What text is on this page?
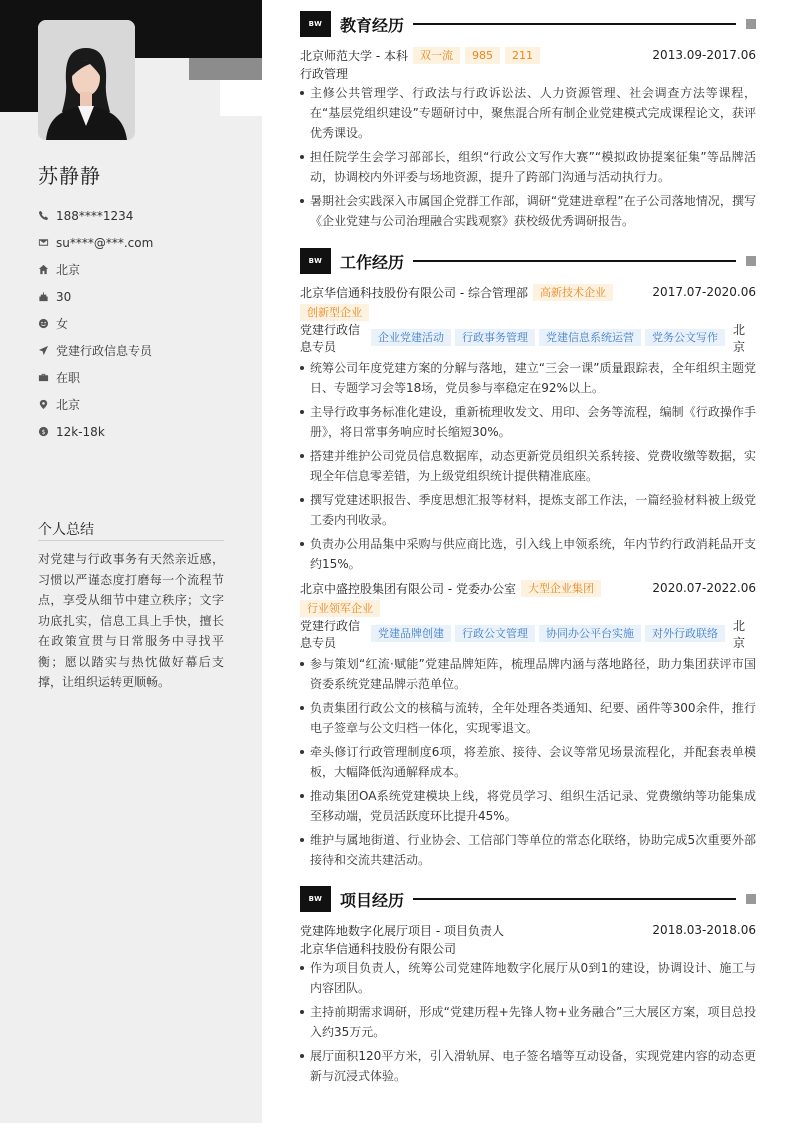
苏静静
188****1234
su****@***.com
北京
30
女
党建行政信息专员
在职
北京
$ 12k-18k
个人总结
对党建与行政事务有天然亲近感，习惯以严谨态度打磨每一个流程节点，享受从细节中建立秩序；文字功底扎实，信息工具上手快，擅长在政策宣贯与日常服务中寻找平衡；愿以踏实与热忱做好幕后支撑，让组织运转更顺畅。
BW	教育经历
北京师范大学 - 本科	双一流	985	211	2013.09-2017.06
行政管理
主修公共管理学、行政法与行政诉讼法、人力资源管理、社会调查方法等课程，在“基层党组织建设”专题研讨中，聚焦混合所有制企业党建模式完成课程论文，获评优秀课设。
担任院学生会学习部部长，组织“行政公文写作大赛”“模拟政协提案征集”等品牌活动，协调校内外评委与场地资源，提升了跨部门沟通与活动执行力。
暑期社会实践深入市属国企党群工作部，调研“党建进章程”在子公司落地情况，撰写《企业党建与公司治理融合实践观察》获校级优秀调研报告。
BW	工作经历
北京华信通科技股份有限公司 - 综合管理部	高新技术企业	2017.07-2020.06
创新型企业
党建行政信息专员
企业党建活动	行政事务管理	党建信息系统运营	党务公文写作
北京
统筹公司年度党建方案的分解与落地，建立“三会一课”质量跟踪表，全年组织主题党日、专题学习会等18场，党员参与率稳定在92%以上。
主导行政事务标准化建设，重新梳理收发文、用印、会务等流程，编制《行政操作手册》，将日常事务响应时长缩短30%。
搭建并维护公司党员信息数据库，动态更新党员组织关系转接、党费收缴等数据，实现全年信息零差错，为上级党组织统计提供精准底座。
撰写党建述职报告、季度思想汇报等材料，提炼支部工作法，一篇经验材料被上级党工委内刊收录。
负责办公用品集中采购与供应商比选，引入线上申领系统，年内节约行政消耗品开支约15%。
北京中盛控股集团有限公司 - 党委办公室	大型企业集团	2020.07-2022.06
行业领军企业
党建行政信息专员
党建品牌创建	行政公文管理	协同办公平台实施	对外行政联络
北京
参与策划“红流·赋能”党建品牌矩阵，梳理品牌内涵与落地路径，助力集团获评市国资委系统党建品牌示范单位。
负责集团行政公文的核稿与流转，全年处理各类通知、纪要、函件等300余件，推行电子签章与公文归档一体化，实现零退文。
牵头修订行政管理制度6项，将差旅、接待、会议等常见场景流程化，并配套表单模板，大幅降低沟通解释成本。
推动集团OA系统党建模块上线，将党员学习、组织生活记录、党费缴纳等功能集成至移动端，党员活跃度环比提升45%。
维护与属地街道、行业协会、工信部门等单位的常态化联络，协助完成5次重要外部接待和交流共建活动。
BW	项目经历
党建阵地数字化展厅项目 - 项目负责人	2018.03-2018.06
北京华信通科技股份有限公司
作为项目负责人，统筹公司党建阵地数字化展厅从0到1的建设，协调设计、施工与内容团队。
主持前期需求调研，形成“党建历程+先锋人物+业务融合”三大展区方案，项目总投入约35万元。
展厅面积120平方米，引入滑轨屏、电子签名墙等互动设备，实现党建内容的动态更新与沉浸式体验。
